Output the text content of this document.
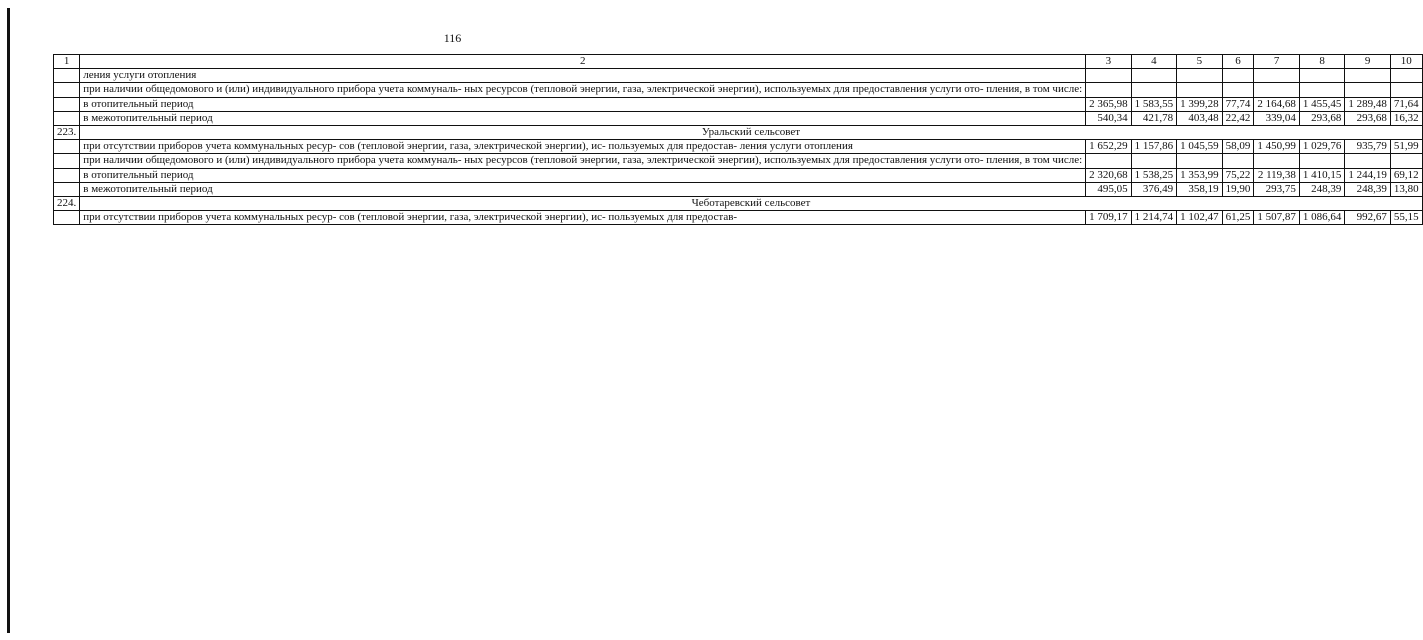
116
1	2	3	4	5	6	7	8	9	10
	ления услуги отопления								
	при наличии общедомового и (или) индивидуального прибора учета коммуналь- ных ресурсов (тепловой энергии, газа, электрической энергии), используемых для предоставления услуги ото- пления, в том числе:								
	в отопительный период	2 365,98	1 583,55	1 399,28	77,74	2 164,68	1 455,45	1 289,48	71,64
	в межотопительный период	540,34	421,78	403,48	22,42	339,04	293,68	293,68	16,32
223.	Уральский сельсовет								
	при отсутствии приборов учета коммунальных ресур- сов (тепловой энергии, газа, электрической энергии), ис- пользуемых для предостав- ления услуги отопления	1 652,29	1 157,86	1 045,59	58,09	1 450,99	1 029,76	935,79	51,99
	при наличии общедомового и (или) индивидуального прибора учета коммуналь- ных ресурсов (тепловой энергии, газа, электрической энергии), используемых для предоставления услуги ото- пления, в том числе:								
	в отопительный период	2 320,68	1 538,25	1 353,99	75,22	2 119,38	1 410,15	1 244,19	69,12
	в межотопительный период	495,05	376,49	358,19	19,90	293,75	248,39	248,39	13,80
224.	Чеботаревский сельсовет								
	при отсутствии приборов учета коммунальных ресур- сов (тепловой энергии, газа, электрической энергии), ис- пользуемых для предостав-	1 709,17	1 214,74	1 102,47	61,25	1 507,87	1 086,64	992,67	55,15
